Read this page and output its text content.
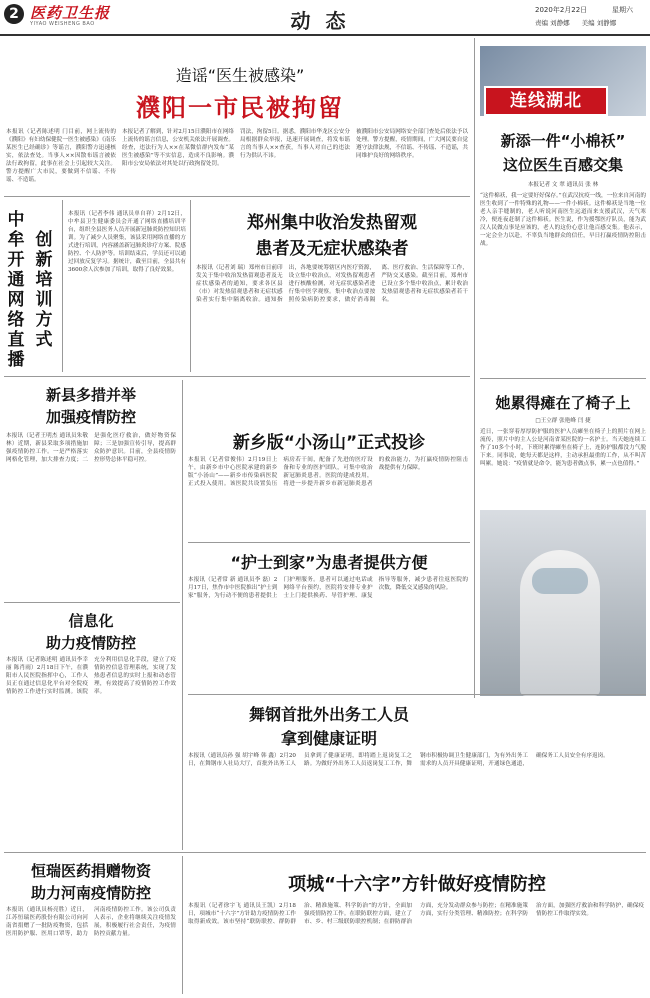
2 医药卫生报
YIYAO WEISHENG BAO	动 态	2020年2月22日	星期六
责编 刘静娜 美编 刘静娜
造谣“医生被感染”
濮阳一市民被拘留
本报讯（记者陈述明 门目前，网上流传的《濮阳》有妇幼保健院一医生被感染》《南乐某医生已经确诊》等谣言，濮阳警方迅速核实，依法查处。当事人××因散布谣言被依法行政拘留，此事在社会上引起较大关注。警方提醒广大市民，要做到不信谣、不传谣、不造谣。
本报记者了解到，针对2月15日濮阳市在网络上流传的谣言信息，公安机关依法开展调查。经查，违法行为人××在某微信群内发布“某医生被感染”等不实信息，造成不良影响。濮阳市公安局依法对其处以行政拘留处罚。
罚法，拘留5日。据悉，濮阳市华龙区公安分局根据群众举报，迅速开展调查，将发布谣言的当事人××查获，当事人对自己的违法行为供认不讳。
被濮阳市公安局网络安全部门查处后依法予以处理。警方提醒，疫情期间，广大网民要自觉遵守法律法规，不信谣、不传谣、不造谣，共同维护良好的网络秩序。
连线湖北
新添一件“小棉袄”
这位医生百感交集
本报记者 文 翠 通讯员 张 林
“这件棉袄，我一定要好好保存。”在武汉抗疫一线，一位来自河南的医生收到了一件特殊的礼物——一件小棉袄。这件棉袄是当地一位老人亲手缝制的，老人听说河南医生远道而来支援武汉，天气寒冷，便连夜赶制了这件棉袄。医生说，作为援鄂医疗队员，能为武汉人民做点事是应该的，老人的这份心意让他百感交集。他表示，一定会全力以赴，不辜负当地群众的信任，早日打赢疫情防控阻击战。
她累得瘫在了椅子上
□王立群 张艳峰 闫 捷
近日，一张穿着厚厚防护服的医护人员瘫坐在椅子上的照片在网上流传，照片中的主人公是河南省某医院的一名护士。当天她连续工作了10多个小时，下班时累得瘫坐在椅子上，连防护服都没力气脱下来。同事说，她每天都是这样，主动承担最重的工作，从不叫苦叫累。她说：“疫情就是命令，能为患者做点事，累一点也值得。”
中牟开通网络直播
创新培训方式
本报讯（记者李伟 通讯员单自祥）2月12日，中牟县卫生健康委员会开通了网络直播培训平台，组织全县医务人员开展新冠肺炎防控知识培训。为了减少人员聚集，该县采用网络直播的方式进行培训，内容涵盖新冠肺炎诊疗方案、院感防控、个人防护等。培训结束后，学员还可以通过回放反复学习。据统计，截至目前，全县共有3600余人次参加了培训，取得了良好效果。
郑州集中收治发热留观
患者及无症状感染者
本报讯（记者刘 瑞）郑州市日前印发关于集中收治发热留观患者及无症状感染者的通知，要求各区县（市）对发热留观患者和无症状感染者实行集中隔离收治。通知指出，各地要统筹辖区内医疗资源，设立集中收治点，对发热留观患者进行核酸检测，对无症状感染者进行集中医学观察。集中收治点要按照传染病防控要求，做好消毒隔离、医疗救治、生活保障等工作，严防交叉感染。截至目前，郑州市已设立多个集中收治点，累计收治发热留观患者和无症状感染者若干名。
新县多措并举
加强疫情防控
本报讯（记者王明杰 通讯员朱敬林）近期，新县采取多项措施加强疫情防控工作。一是严格落实网格化管理，加大排查力度；二是强化医疗救治，做好物资保障；三是加强宣传引导，提高群众防护意识。目前，全县疫情防控形势总体平稳可控。
新乡版“小汤山”正式投诊
本报讯（记者常俊伟）2月19日上午，由新乡市中心医院承建的新乡版“小汤山”——新乡市传染病医院正式投入使用。该医院共设置负压病房若干间，配备了先进的医疗设备和专业的医护团队，可集中收治新冠肺炎患者。医院的建成投用，将进一步提升新乡市新冠肺炎患者的救治能力，为打赢疫情防控阻击战提供有力保障。
“护士到家”为患者提供方便
本报讯（记者常 新 通讯员李 磊）2月17日，焦作市中医院推出“护士到家”服务，为行动不便的患者提供上门护理服务。患者可以通过电话或网络平台预约，医院将安排专业护士上门提供换药、导管护理、康复指导等服务，减少患者往返医院的次数，降低交叉感染的风险。
信息化
助力疫情防控
本报讯（记者陈述明 通讯员李幸丽 陈肖雨）2月18日下午，在濮阳市人民医院指挥中心，工作人员正在通过信息化平台对全院疫情防控工作进行实时监测。该院充分利用信息化手段，建立了疫情防控信息管理系统，实现了发热患者信息的实时上报和动态管理，有效提高了疫情防控工作效率。
舞钢首批外出务工人员
拿到健康证明
本报讯（通讯员孙 强 胡宇峰 韩 鑫）2月20日，在舞钢市人社局大厅，首批外出务工人员拿到了健康证明，即将踏上返岗复工之路。为做好外出务工人员返岗复工工作，舞钢市积极协调卫生健康部门，为有外出务工需求的人员开具健康证明，开通绿色通道，确保务工人员安全有序返岗。
恒瑞医药捐赠物资
助力河南疫情防控
本报讯（通讯员杨亮胜）近日，江苏恒瑞医药股份有限公司向河南省捐赠了一批防疫物资，包括医用防护服、医用口罩等，助力河南疫情防控工作。该公司负责人表示，企业将继续关注疫情发展，积极履行社会责任，为疫情防控贡献力量。
项城“十六字”方针做好疫情防控
本报讯（记者徐宇飞 通讯员王凯）2月18日，项城市“十六字”方针助力疫情防控工作取得新成效。该市坚持“联防联控、群防群治、精准施策、科学防治”的方针，全面加强疫情防控工作。在联防联控方面，建立了市、乡、村三级联防联控机制；在群防群治方面，充分发动群众参与防控；在精准施策方面，实行分类管理、精准防控；在科学防治方面，加强医疗救治和科学防护，确保疫情防控工作取得实效。
